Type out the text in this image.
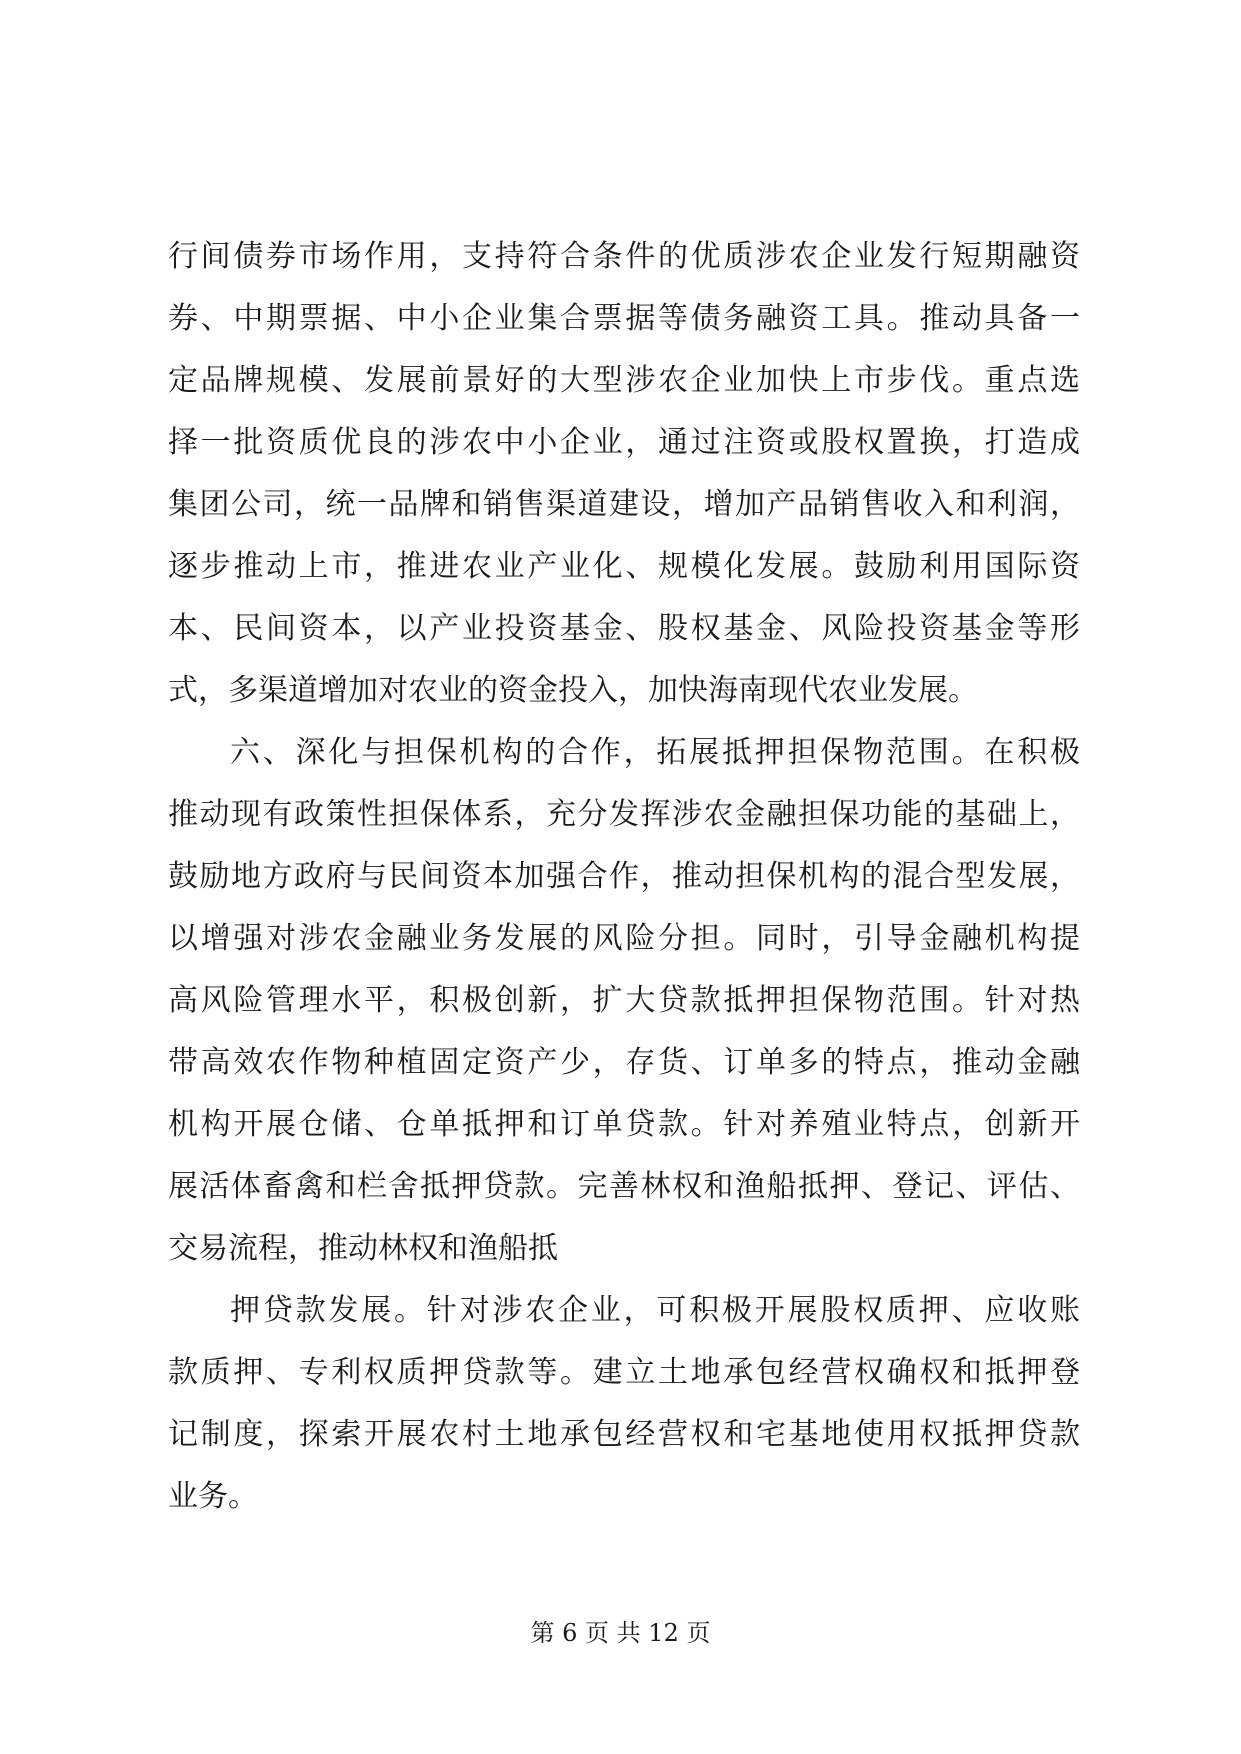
行间债券市场作用，支持符合条件的优质涉农企业发行短期融资
券、中期票据、中小企业集合票据等债务融资工具。推动具备一
定品牌规模、发展前景好的大型涉农企业加快上市步伐。重点选
择一批资质优良的涉农中小企业，通过注资或股权置换，打造成
集团公司，统一品牌和销售渠道建设，增加产品销售收入和利润，
逐步推动上市，推进农业产业化、规模化发展。鼓励利用国际资
本、民间资本，以产业投资基金、股权基金、风险投资基金等形
式，多渠道增加对农业的资金投入，加快海南现代农业发展。
六、深化与担保机构的合作，拓展抵押担保物范围。在积极
推动现有政策性担保体系，充分发挥涉农金融担保功能的基础上，
鼓励地方政府与民间资本加强合作，推动担保机构的混合型发展，
以增强对涉农金融业务发展的风险分担。同时，引导金融机构提
高风险管理水平，积极创新，扩大贷款抵押担保物范围。针对热
带高效农作物种植固定资产少，存货、订单多的特点，推动金融
机构开展仓储、仓单抵押和订单贷款。针对养殖业特点，创新开
展活体畜禽和栏舍抵押贷款。完善林权和渔船抵押、登记、评估、
交易流程，推动林权和渔船抵
押贷款发展。针对涉农企业，可积极开展股权质押、应收账
款质押、专利权质押贷款等。建立土地承包经营权确权和抵押登
记制度，探索开展农村土地承包经营权和宅基地使用权抵押贷款
业务。
第 6 页 共 12 页
